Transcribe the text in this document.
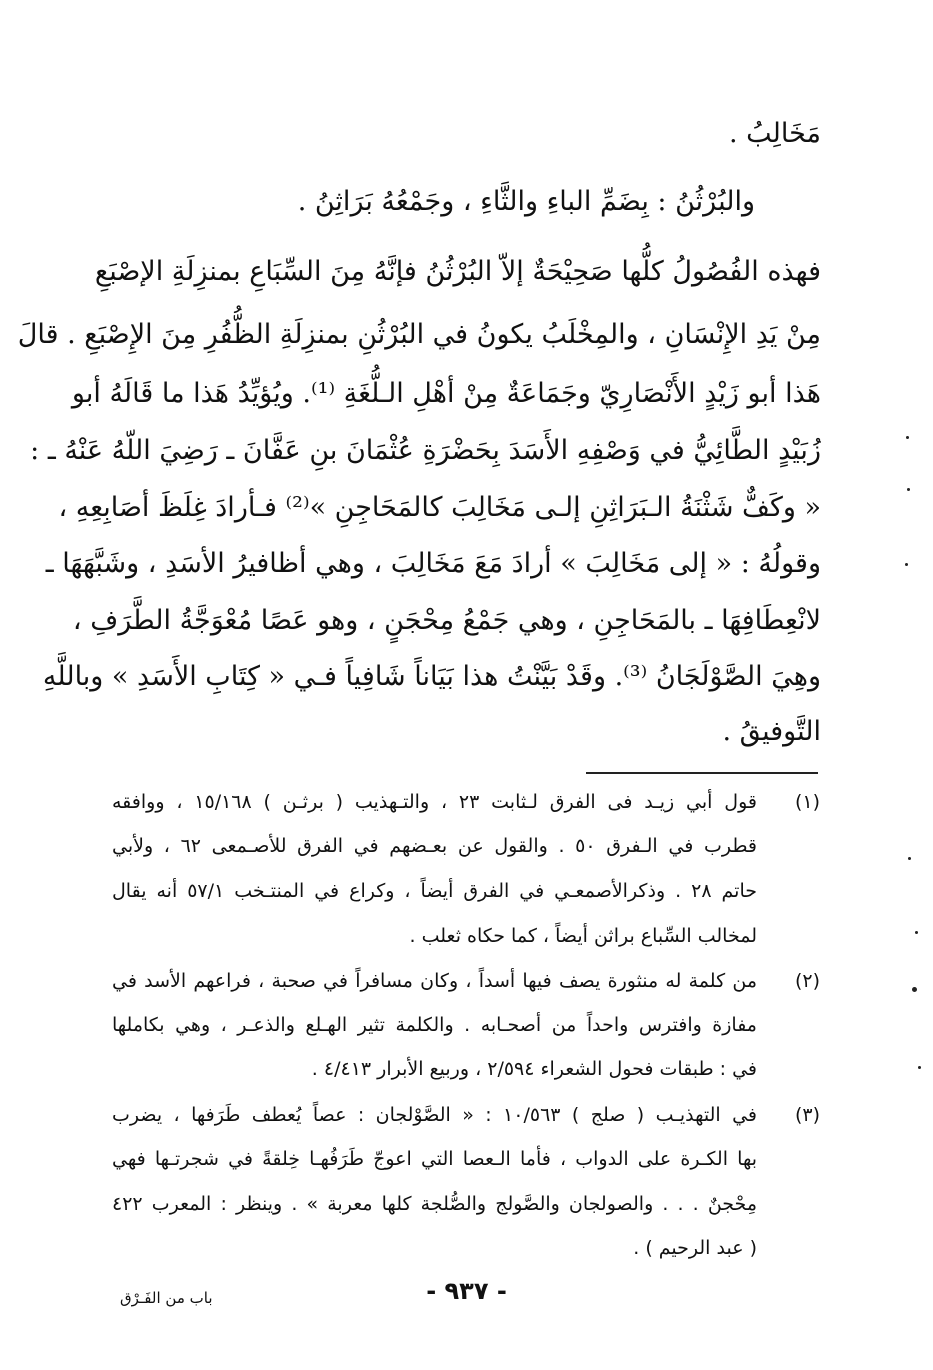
مَخَالِبُ .
والبُرْثُنُ : بِضَمِّ الباءِ والثَّاءِ ، وجَمْعُهُ بَرَاثِنُ .
فهذه الفُصُولُ كلُّها صَحِيْحَةٌ إلاّ البُرْثُنُ فإنَّهُ مِنَ السِّبَاعِ بمنزِلَةِ الإصْبَعِ
مِنْ يَدِ الإِنْسَانِ ، والمِخْلَبُ يكونُ في البُرْثُنِ بمنزِلَةِ الظُّفُرِ مِنَ الإِصْبَعِ . قالَ
هَذا أبو زَيْدٍ الأَنْصَارِيّ وجَمَاعَةٌ مِنْ أهْلِ الـلُّغَةِ ⁽¹⁾. ويُؤيِّدُ هَذا ما قَالَهُ أبو
زُبَيْدٍ الطَّائِيُّ في وَصْفِهِ الأَسَدَ بِحَضْرَةِ عُثْمَانَ بنِ عَفَّانَ ـ رَضِيَ اللّهُ عَنْهُ ـ :
« وكَفٌّ شَثْنَةُ الـبَرَاثِنِ إلـى مَخَالِبَ كالمَحَاجِنِ »⁽²⁾ فـأرادَ غِلَظَ أصَابِعِهِ ،
وقولُهُ : « إلى مَخَالِبَ » أرادَ مَعَ مَخَالِبَ ، وهي أظافيرُ الأسَدِ ، وشَبَّهَهَا ـ
لانْعِطَافِهَا ـ بالمَحَاجِنِ ، وهي جَمْعُ مِحْجَنٍ ، وهو عَصًا مُعْوَجَّةُ الطَّرَفِ ،
وهِيَ الصَّوْلَجَانُ ⁽³⁾. وقَدْ بَيَّنْتُ هذا بَيَاناً شَافِياً فـي « كِتَابِ الأَسَدِ » وباللَّهِ
التَّوفيقُ .
(١)
قول أبي زيـد فى الفرق لـثابت ٢٣ ، والتـهذيب ( برثـن ) ١٥/١٦٨ ، ووافقه
قطرب في الـفرق ٥٠ . والقول عن بعـضهم في الفرق للأصـمعى ٦٢ ، ولأبي
حاتم ٢٨ . وذكرالأصمعـي في الفرق أيضاً ، وكراع في المنتـخب ٥٧/١ أنه يقال
لمخالب السِّباع براثن أيضاً ، كما حكاه ثعلب .
(٢)
من كلمة له منثورة يصف فيها أسداً ، وكان مسافراً في صحبة ، فراعهم الأسد في
مفازة وافترس واحداً من أصحـابه . والكلمة تثير الهـلع والذعـر ، وهي بكاملها
في : طبقات فحول الشعراء ٢/٥٩٤ ، وربيع الأبرار ٤/٤١٣ .
(٣)
في التهذيـب ( صلج ) ١٠/٥٦٣ : « الصَّوْلجان : عصاً يُعطف طَرَفها ، يضرب
بها الكـرة على الدواب ، فأما الـعصا التي اعوجّ طَرَفُهـا خِلقةً في شجرتـها فهي
مِحْجنٌ . . . والصولجان والصَّولج والصُّلجة كلها معربة » . وينظر : المعرب ٤٢٢
( عبد الرحيم ) .
- ٩٣٧ -
باب من الفَـرْق
